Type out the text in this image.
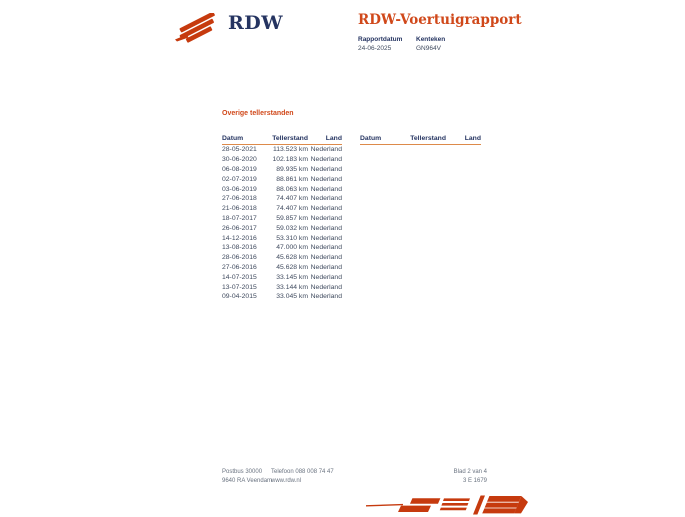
RDW	RDW-Voertuigrapport
Rapportdatum
24-06-2025
Kenteken
GN964V
Overige tellerstanden
Datum	Tellerstand	Land
28-05-2021	113.523 km Nederland
30-06-2020	102.183 km Nederland
06-08-2019	89.935 km Nederland
02-07-2019	88.861 km Nederland
03-06-2019	88.063 km Nederland
27-06-2018	74.407 km Nederland
21-06-2018	74.407 km Nederland
18-07-2017	59.857 km Nederland
26-06-2017	59.032 km Nederland
14-12-2016	53.310 km Nederland
13-08-2016	47.000 km Nederland
28-06-2016	45.628 km Nederland
27-06-2016	45.628 km Nederland
14-07-2015	33.145 km Nederland
13-07-2015	33.144 km Nederland
09-04-2015	33.045 km Nederland
Datum	Tellerstand	Land
Postbus 30000
9640 RA Veendam
Telefoon 088 008 74 47
www.rdw.nl
Blad 2 van 4
3 E 1679
